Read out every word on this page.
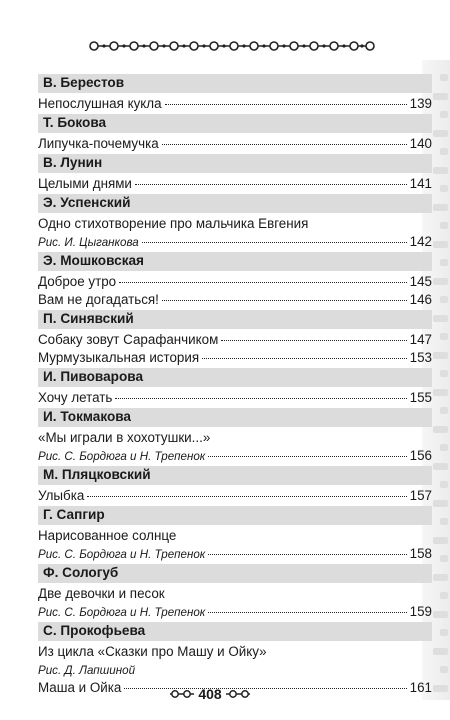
В. Берестов
Непослушная кукла	139
Т. Бокова
Липучка-почемучка	140
В. Лунин
Целыми днями	141
Э. Успенский
Одно стихотворение про мальчика Евгения
Рис. И. Цыганкова	142
Э. Мошковская
Доброе утро	145
Вам не догадаться!	146
П. Синявский
Собаку зовут Сарафанчиком	147
Мурмузыкальная история	153
И. Пивоварова
Хочу летать	155
И. Токмакова
«Мы играли в хохотушки...»
Рис. С. Бордюга и Н. Трепенок	156
М. Пляцковский
Улыбка	157
Г. Сапгир
Нарисованное солнце
Рис. С. Бордюга и Н. Трепенок	158
Ф. Сологуб
Две девочки и песок
Рис. С. Бордюга и Н. Трепенок	159
С. Прокофьева
Из цикла «Сказки про Машу и Ойку»
Рис. Д. Лапшиной
Маша и Ойка	161
408
